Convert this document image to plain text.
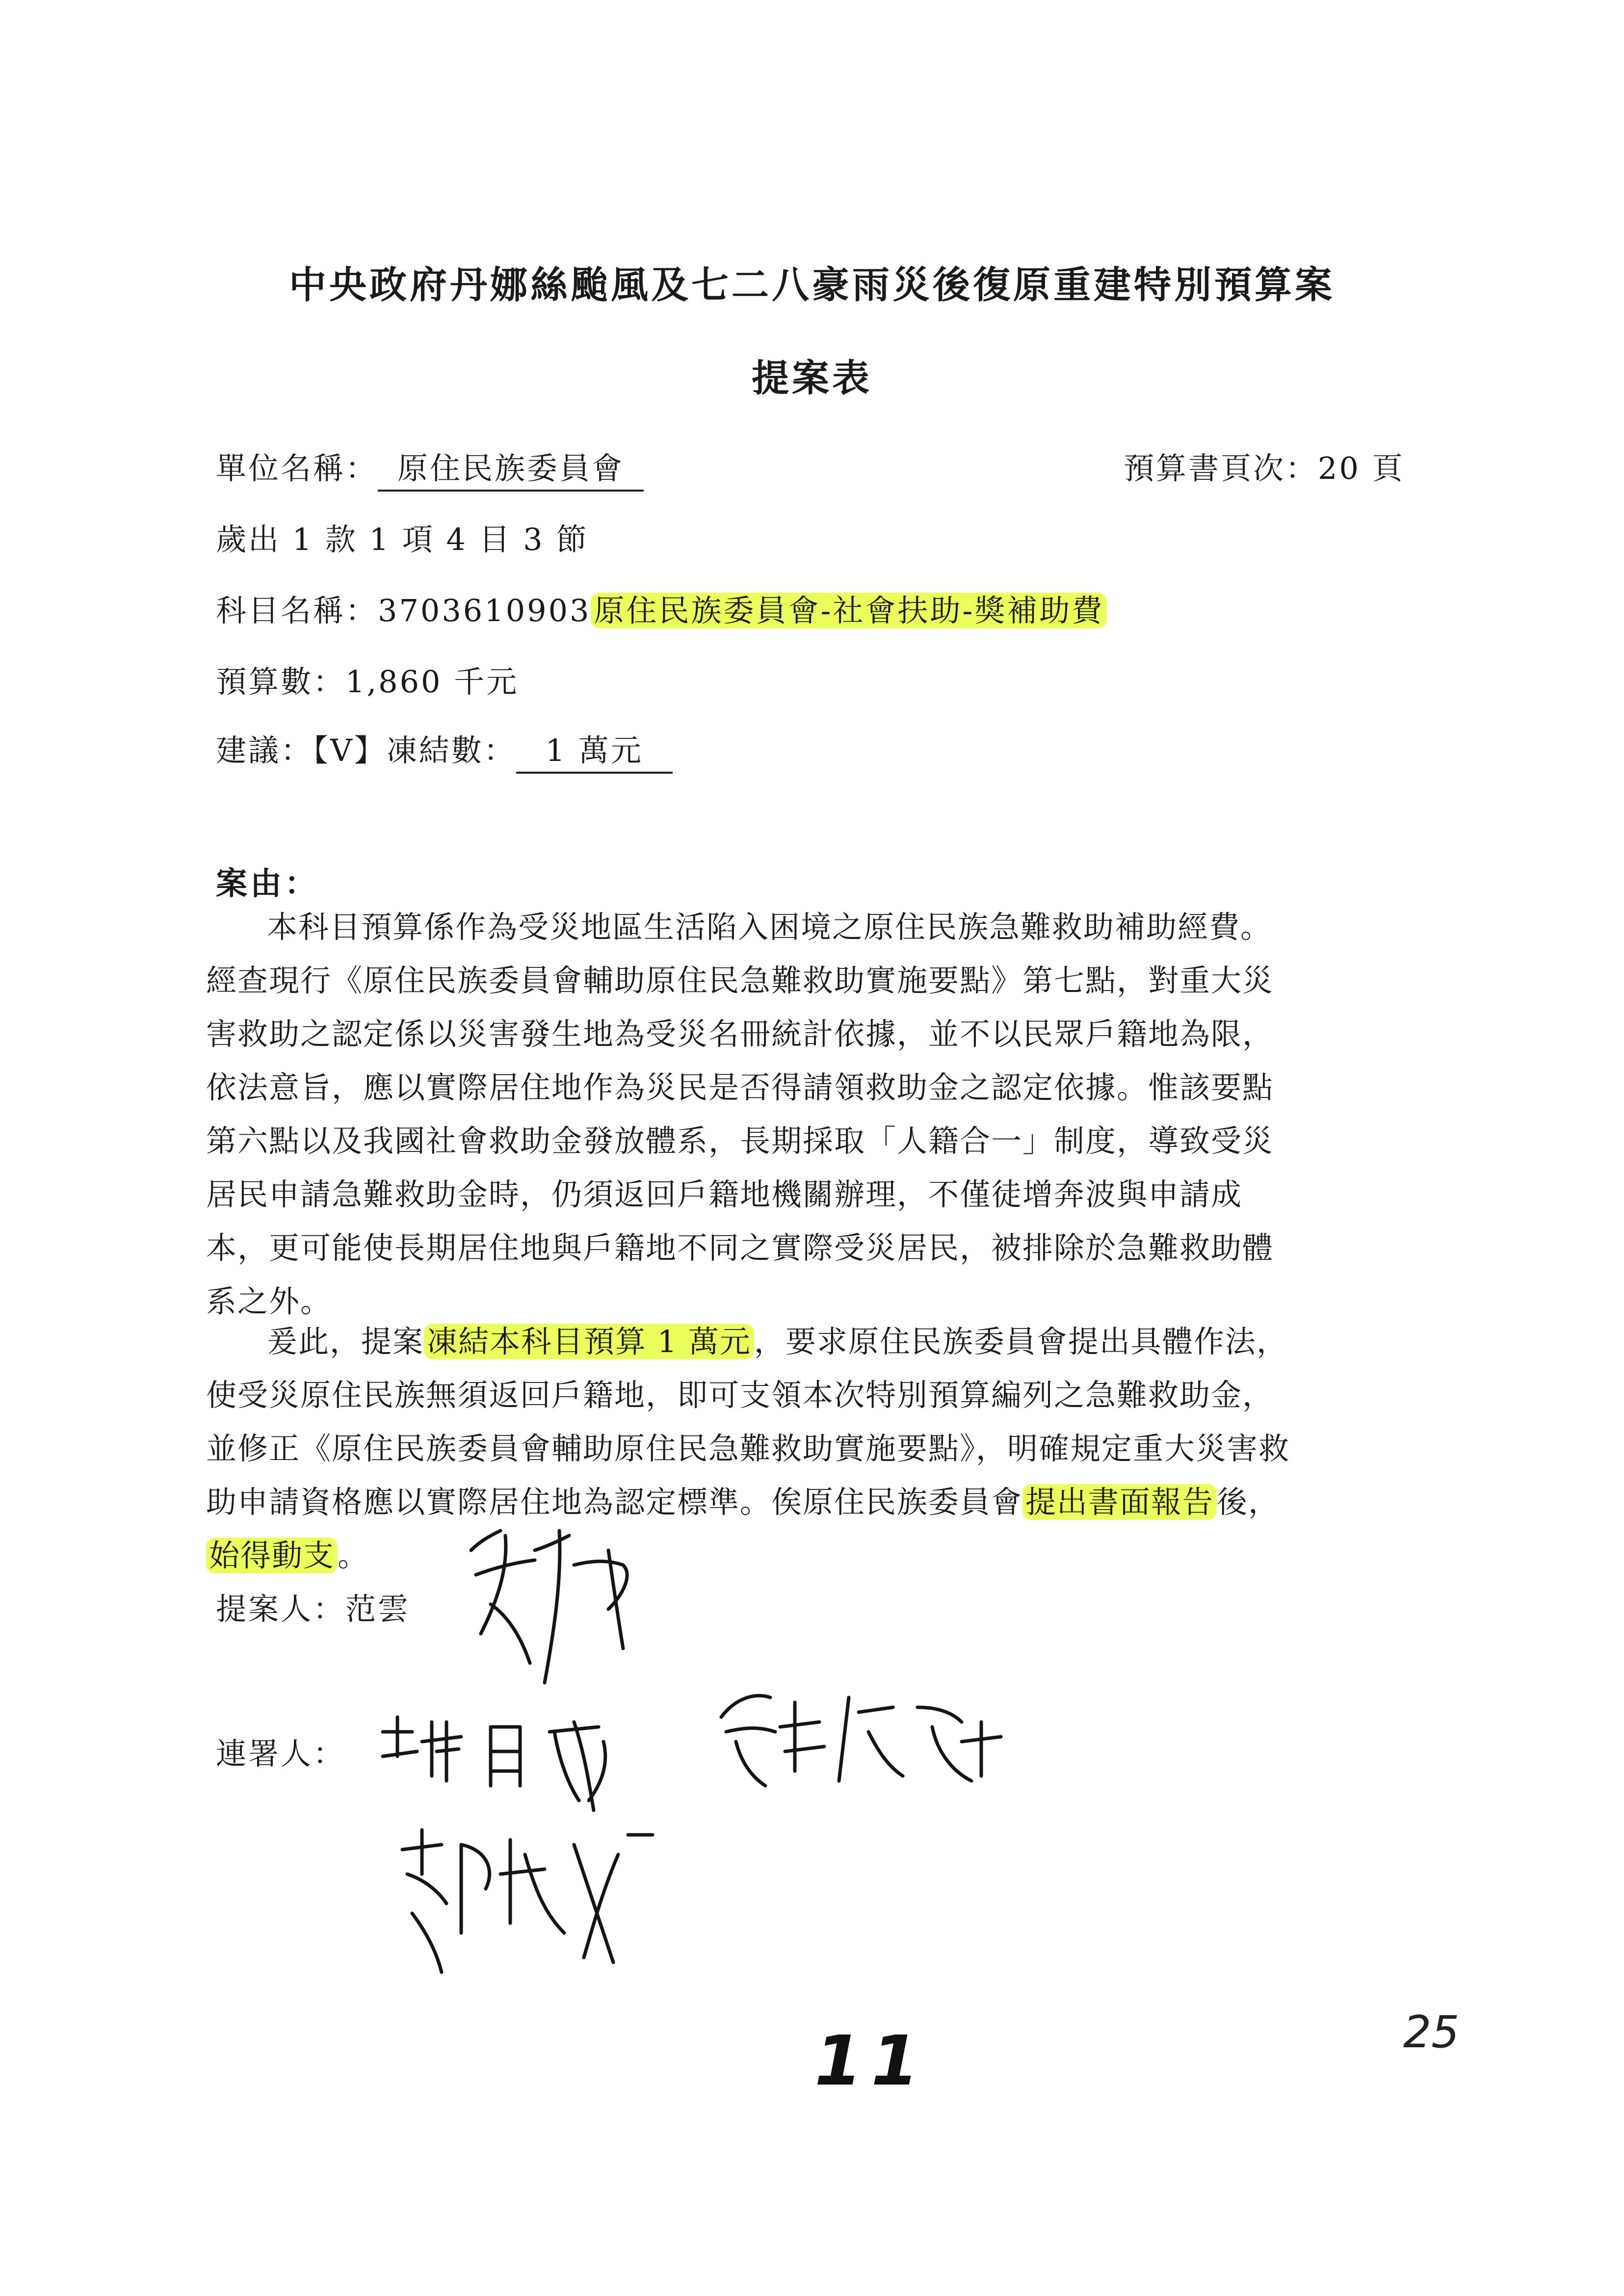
中央政府丹娜絲颱風及七二八豪雨災後復原重建特別預算案
提案表
單位名稱： 原住民族委員會	預算書頁次：20 頁
歲出 1 款 1 項 4 目 3 節
科目名稱：3703610903原住民族委員會-社會扶助-獎補助費
預算數：1,860 千元
建議：【V】凍結數： 1 萬元
案由：
本科目預算係作為受災地區生活陷入困境之原住民族急難救助補助經費。
經查現行《原住民族委員會輔助原住民急難救助實施要點》第七點，對重大災
害救助之認定係以災害發生地為受災名冊統計依據，並不以民眾戶籍地為限，
依法意旨，應以實際居住地作為災民是否得請領救助金之認定依據。惟該要點
第六點以及我國社會救助金發放體系，長期採取「人籍合一」制度，導致受災
居民申請急難救助金時，仍須返回戶籍地機關辦理，不僅徒增奔波與申請成
本，更可能使長期居住地與戶籍地不同之實際受災居民，被排除於急難救助體
系之外。
爰此，提案凍結本科目預算 1 萬元，要求原住民族委員會提出具體作法，
使受災原住民族無須返回戶籍地，即可支領本次特別預算編列之急難救助金，
並修正《原住民族委員會輔助原住民急難救助實施要點》，明確規定重大災害救
助申請資格應以實際居住地為認定標準。俟原住民族委員會提出書面報告後，
始得動支。
提案人：范雲
連署人：
11	25
